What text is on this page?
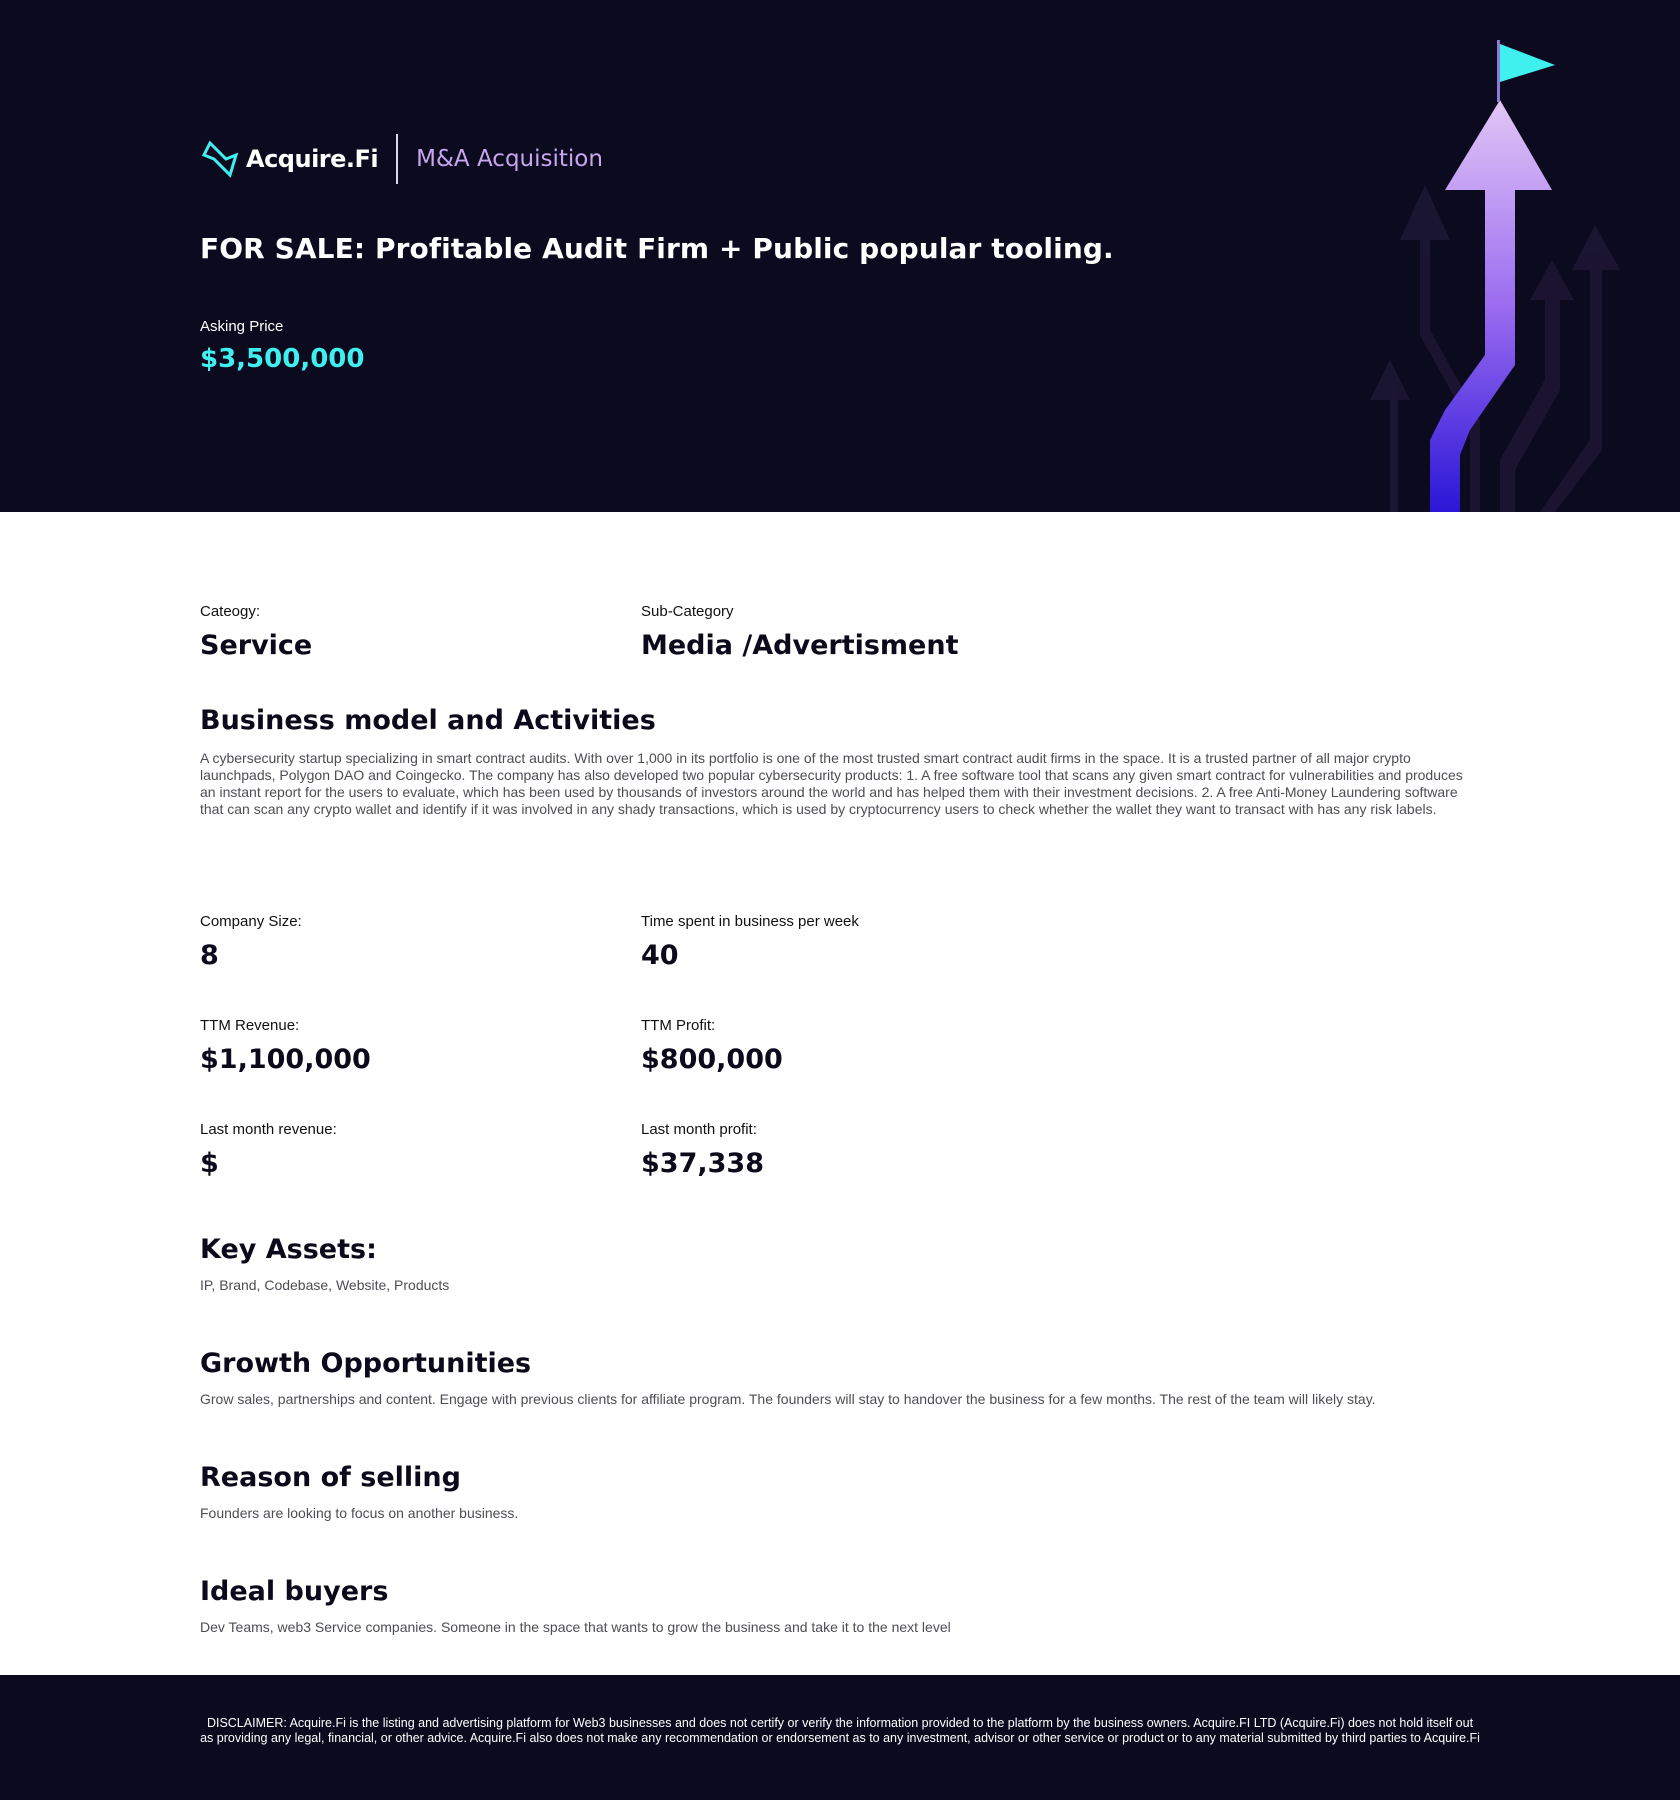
Acquire.Fi M&A Acquisition
FOR SALE: Profitable Audit Firm + Public popular tooling.
Asking Price
$3,500,000
Cateogy:
Service
Sub-Category
Media /Advertisment
Business model and Activities

A cybersecurity startup specializing in smart contract audits. With over 1,000 in its portfolio is one of the most trusted smart contract audit firms in the space. It is a trusted partner of all major crypto launchpads, Polygon DAO and Coingecko. The company has also developed two popular cybersecurity products: 1. A free software tool that scans any given smart contract for vulnerabilities and produces an instant report for the users to evaluate, which has been used by thousands of investors around the world and has helped them with their investment decisions. 2. A free Anti-Money Laundering software that can scan any crypto wallet and identify if it was involved in any shady transactions, which is used by cryptocurrency users to check whether the wallet they want to transact with has any risk labels.

Company Size:
8
Time spent in business per week
40
TTM Revenue:
$1,100,000
TTM Profit:
$800,000
Last month revenue:
$
Last month profit:
$37,338
Key Assets:

IP, Brand, Codebase, Website, Products

Growth Opportunities

Grow sales, partnerships and content. Engage with previous clients for affiliate program. The founders will stay to handover the business for a few months. The rest of the team will likely stay.

Reason of selling

Founders are looking to focus on another business.

Ideal buyers

Dev Teams, web3 Service companies. Someone in the space that wants to grow the business and take it to the next level

DISCLAIMER: Acquire.Fi is the listing and advertising platform for Web3 businesses and does not certify or verify the information provided to the platform by the business owners. Acquire.FI LTD (Acquire.Fi) does not hold itself out as providing any legal, financial, or other advice. Acquire.Fi also does not make any recommendation or endorsement as to any investment, advisor or other service or product or to any material submitted by third parties to Acquire.Fi
